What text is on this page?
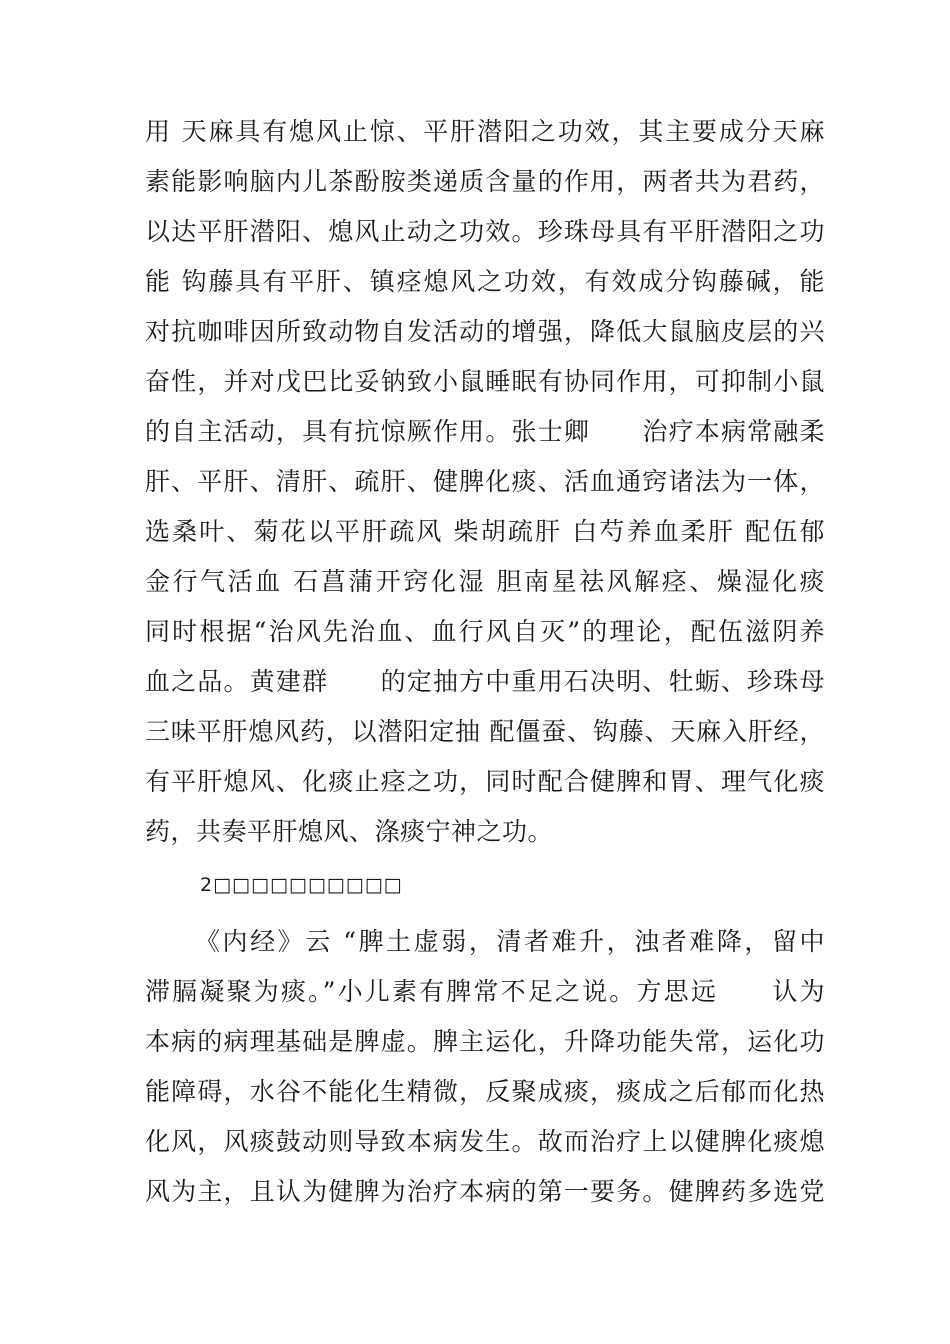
用 天麻具有熄风止惊、平肝潜阳之功效，其主要成分天麻
素能影响脑内儿茶酚胺类递质含量的作用，两者共为君药，
以达平肝潜阳、熄风止动之功效。珍珠母具有平肝潜阳之功
能 钩藤具有平肝、镇痉熄风之功效，有效成分钩藤碱，能
对抗咖啡因所致动物自发活动的增强，降低大鼠脑皮层的兴
奋性，并对戊巴比妥钠致小鼠睡眠有协同作用，可抑制小鼠
的自主活动，具有抗惊厥作用。张士卿　　治疗本病常融柔
肝、平肝、清肝、疏肝、健脾化痰、活血通窍诸法为一体，
选桑叶、菊花以平肝疏风 柴胡疏肝 白芍养血柔肝 配伍郁
金行气活血 石菖蒲开窍化湿 胆南星祛风解痉、燥湿化痰
同时根据“治风先治血、血行风自灭”的理论，配伍滋阴养
血之品。黄建群　　的定抽方中重用石决明、牡蛎、珍珠母
三味平肝熄风药，以潜阳定抽 配僵蚕、钩藤、天麻入肝经，
有平肝熄风、化痰止痉之功，同时配合健脾和胃、理气化痰
药，共奏平肝熄风、涤痰宁神之功。
2□□□□□□□□□□
《内经》云 “脾土虚弱，清者难升，浊者难降，留中
滞膈凝聚为痰。”小儿素有脾常不足之说。方思远　　认为
本病的病理基础是脾虚。脾主运化，升降功能失常，运化功
能障碍，水谷不能化生精微，反聚成痰，痰成之后郁而化热
化风，风痰鼓动则导致本病发生。故而治疗上以健脾化痰熄
风为主，且认为健脾为治疗本病的第一要务。健脾药多选党
